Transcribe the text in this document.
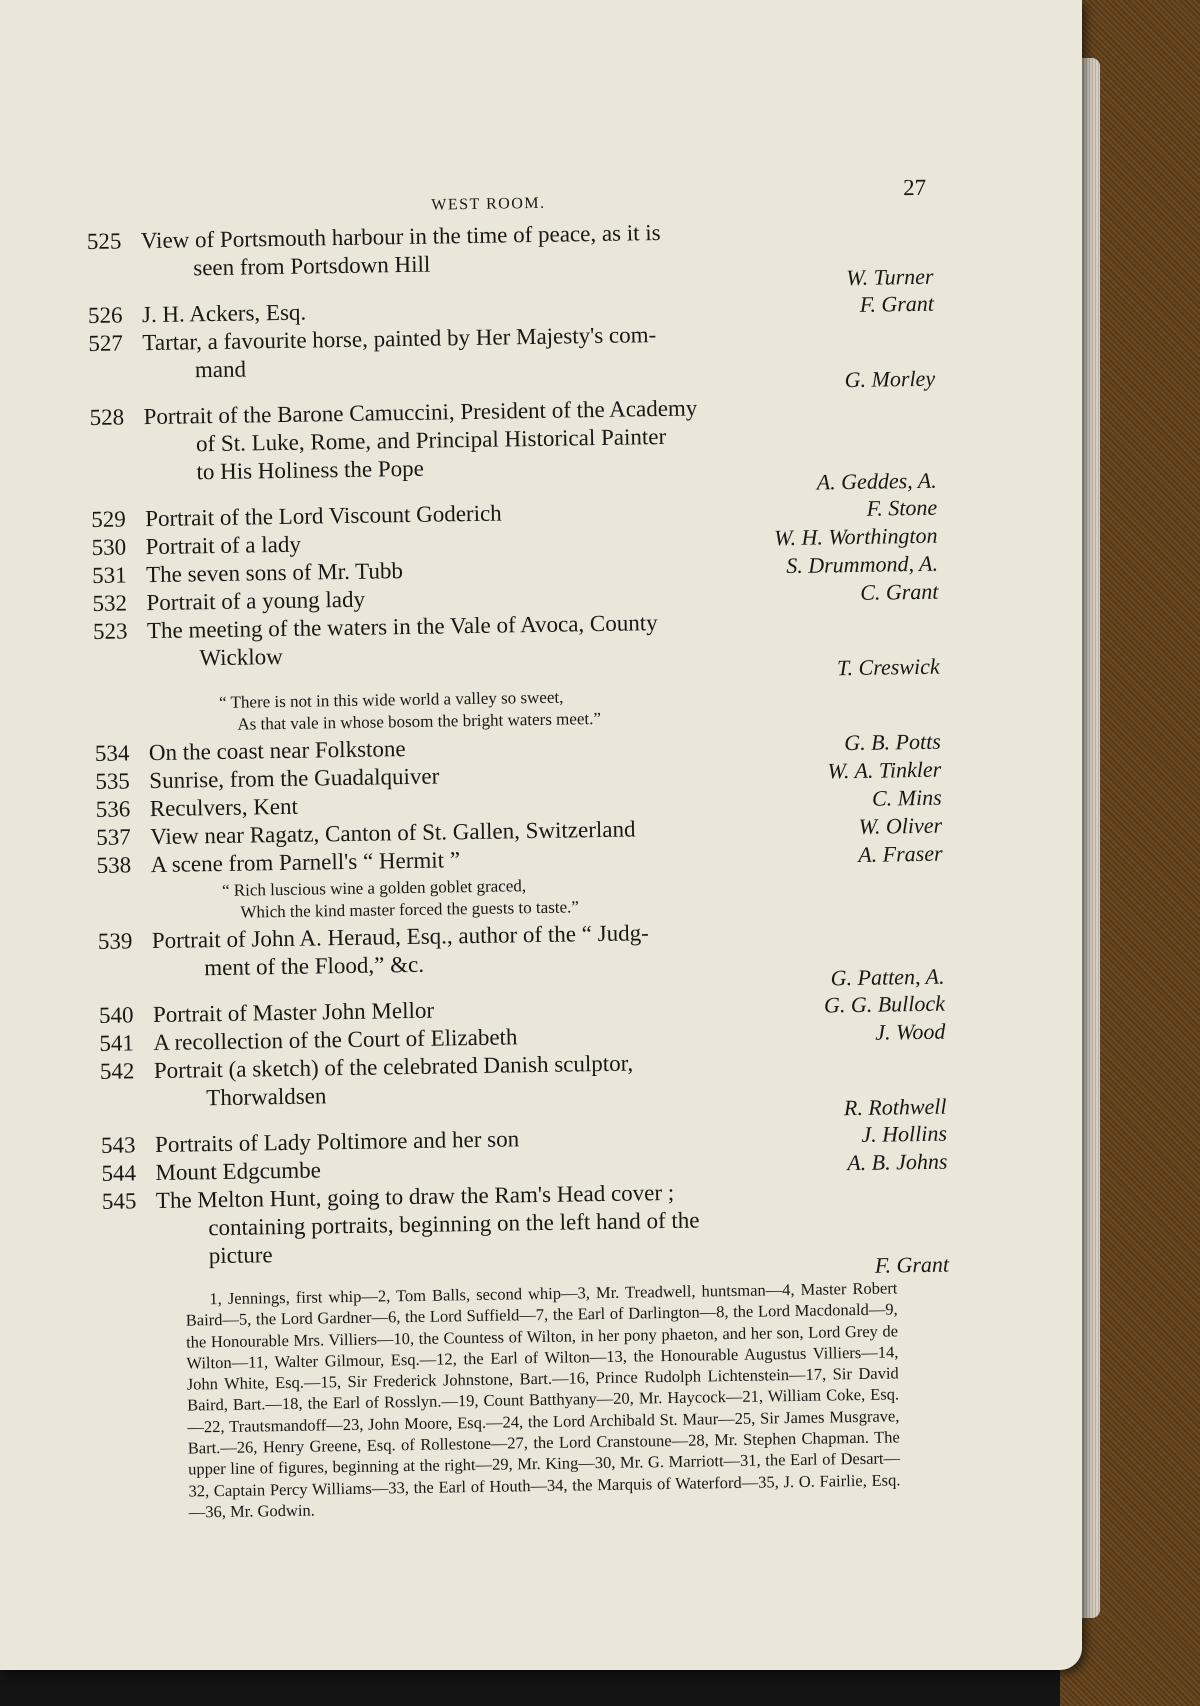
WEST ROOM.
27
525 View of Portsmouth harbour in the time of peace, as it is
seen from Portsdown Hill	W. Turner
526 J. H. Ackers, Esq.	F. Grant
527 Tartar, a favourite horse, painted by Her Majesty's com-
mand	G. Morley
528 Portrait of the Barone Camuccini, President of the Academy
of St. Luke, Rome, and Principal Historical Painter
to His Holiness the Pope	A. Geddes, A.
529 Portrait of the Lord Viscount Goderich	F. Stone
530 Portrait of a lady	W. H. Worthington
531 The seven sons of Mr. Tubb	S. Drummond, A.
532 Portrait of a young lady	C. Grant
523 The meeting of the waters in the Vale of Avoca, County
Wicklow	T. Creswick
“ There is not in this wide world a valley so sweet,
As that vale in whose bosom the bright waters meet.”
534 On the coast near Folkstone	G. B. Potts
535 Sunrise, from the Guadalquiver	W. A. Tinkler
536 Reculvers, Kent	C. Mins
537 View near Ragatz, Canton of St. Gallen, Switzerland	W. Oliver
538 A scene from Parnell's “ Hermit ”	A. Fraser
“ Rich luscious wine a golden goblet graced,
Which the kind master forced the guests to taste.”
539 Portrait of John A. Heraud, Esq., author of the “ Judg-
ment of the Flood,” &c.	G. Patten, A.
540 Portrait of Master John Mellor	G. G. Bullock
541 A recollection of the Court of Elizabeth	J. Wood
542 Portrait (a sketch) of the celebrated Danish sculptor,
Thorwaldsen	R. Rothwell
543 Portraits of Lady Poltimore and her son	J. Hollins
544 Mount Edgcumbe	A. B. Johns
545 The Melton Hunt, going to draw the Ram's Head cover ;
containing portraits, beginning on the left hand of the
picture	F. Grant
1, Jennings, first whip—2, Tom Balls, second whip—3, Mr. Treadwell, huntsman—4, Master Robert Baird—5, the Lord Gardner—6, the Lord Suffield—7, the Earl of Darlington—8, the Lord Macdonald—9, the Honourable Mrs. Villiers—10, the Countess of Wilton, in her pony phaeton, and her son, Lord Grey de Wilton—11, Walter Gilmour, Esq.—12, the Earl of Wilton—13, the Honourable Augustus Villiers—14, John White, Esq.—15, Sir Frederick Johnstone, Bart.—16, Prince Rudolph Lichtenstein—17, Sir David Baird, Bart.—18, the Earl of Rosslyn.—19, Count Batthyany—20, Mr. Haycock—21, William Coke, Esq.—22, Trautsmandoff—23, John Moore, Esq.—24, the Lord Archibald St. Maur—25, Sir James Musgrave, Bart.—26, Henry Greene, Esq. of Rollestone—27, the Lord Cranstoune—28, Mr. Stephen Chapman. The upper line of figures, beginning at the right—29, Mr. King—30, Mr. G. Marriott—31, the Earl of Desart—32, Captain Percy Williams—33, the Earl of Houth—34, the Marquis of Waterford—35, J. O. Fairlie, Esq.—36, Mr. Godwin.
